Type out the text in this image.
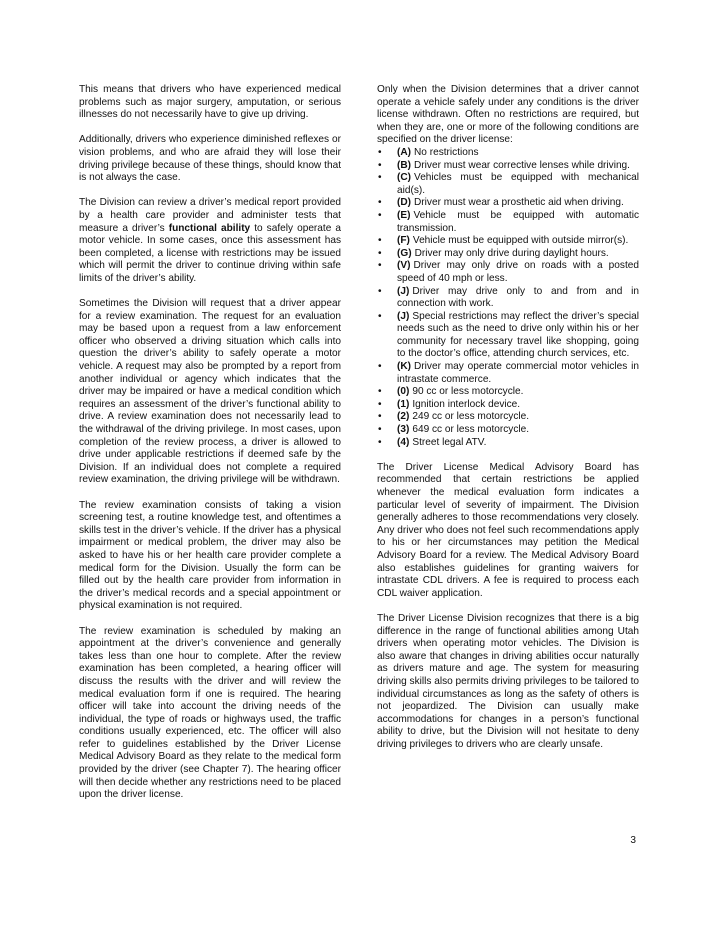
This means that drivers who have experienced medical problems such as major surgery, amputation, or serious illnesses do not necessarily have to give up driving.

Additionally, drivers who experience diminished reflexes or vision problems, and who are afraid they will lose their driving privilege because of these things, should know that is not always the case.

The Division can review a driver’s medical report provided by a health care provider and administer tests that measure a driver’s functional ability to safely operate a motor vehicle. In some cases, once this assessment has been completed, a license with restrictions may be issued which will permit the driver to continue driving within safe limits of the driver’s ability.

Sometimes the Division will request that a driver appear for a review examination. The request for an evaluation may be based upon a request from a law enforcement officer who observed a driving situation which calls into question the driver’s ability to safely operate a motor vehicle. A request may also be prompted by a report from another individual or agency which indicates that the driver may be impaired or have a medical condition which requires an assessment of the driver’s functional ability to drive. A review examination does not necessarily lead to the withdrawal of the driving privilege. In most cases, upon completion of the review process, a driver is allowed to drive under applicable restrictions if deemed safe by the Division. If an individual does not complete a required review examination, the driving privilege will be withdrawn.

The review examination consists of taking a vision screening test, a routine knowledge test, and oftentimes a skills test in the driver’s vehicle. If the driver has a physical impairment or medical problem, the driver may also be asked to have his or her health care provider complete a medical form for the Division. Usually the form can be filled out by the health care provider from information in the driver’s medical records and a special appointment or physical examination is not required.

The review examination is scheduled by making an appointment at the driver’s convenience and generally takes less than one hour to complete. After the review examination has been completed, a hearing officer will discuss the results with the driver and will review the medical evaluation form if one is required. The hearing officer will take into account the driving needs of the individual, the type of roads or highways used, the traffic conditions usually experienced, etc. The officer will also refer to guidelines established by the Driver License Medical Advisory Board as they relate to the medical form provided by the driver (see Chapter 7). The hearing officer will then decide whether any restrictions need to be placed upon the driver license.

Only when the Division determines that a driver cannot operate a vehicle safely under any conditions is the driver license withdrawn. Often no restrictions are required, but when they are, one or more of the following conditions are specified on the driver license:

• (A) No restrictions
• (B) Driver must wear corrective lenses while driving.
• (C) Vehicles must be equipped with mechanical aid(s).
• (D) Driver must wear a prosthetic aid when driving.
• (E) Vehicle must be equipped with automatic transmission.
• (F) Vehicle must be equipped with outside mirror(s).
• (G) Driver may only drive during daylight hours.
• (V) Driver may only drive on roads with a posted speed of 40 mph or less.
• (J) Driver may drive only to and from and in connection with work.
• (J) Special restrictions may reflect the driver’s special needs such as the need to drive only within his or her community for necessary travel like shopping, going to the doctor’s office, attending church services, etc.
• (K) Driver may operate commercial motor vehicles in intrastate commerce.
• (0) 90 cc or less motorcycle.
• (1) Ignition interlock device.
• (2) 249 cc or less motorcycle.
• (3) 649 cc or less motorcycle.
• (4) Street legal ATV.

The Driver License Medical Advisory Board has recommended that certain restrictions be applied whenever the medical evaluation form indicates a particular level of severity of impairment. The Division generally adheres to those recommendations very closely. Any driver who does not feel such recommendations apply to his or her circumstances may petition the Medical Advisory Board for a review. The Medical Advisory Board also establishes guidelines for granting waivers for intrastate CDL drivers. A fee is required to process each CDL waiver application.

The Driver License Division recognizes that there is a big difference in the range of functional abilities among Utah drivers when operating motor vehicles. The Division is also aware that changes in driving abilities occur naturally as drivers mature and age. The system for measuring driving skills also permits driving privileges to be tailored to individual circumstances as long as the safety of others is not jeopardized. The Division can usually make accommodations for changes in a person’s functional ability to drive, but the Division will not hesitate to deny driving privileges to drivers who are clearly unsafe.

3
